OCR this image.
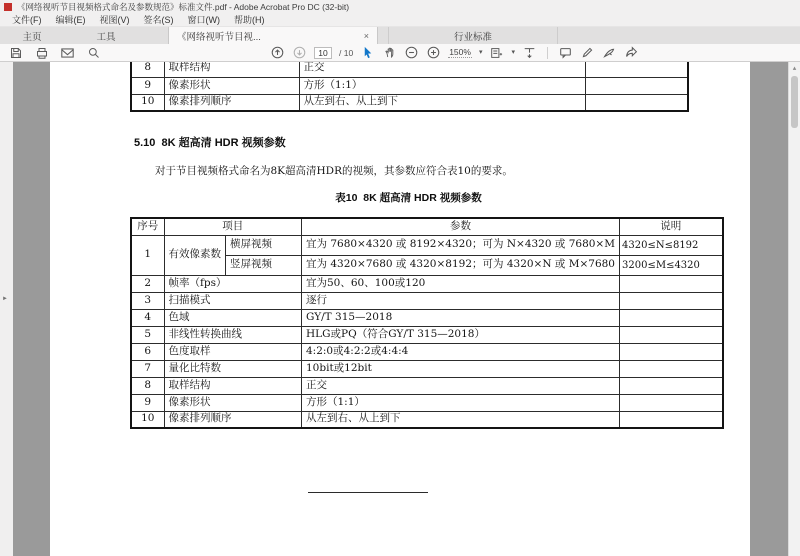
《网络视听节目视频格式命名及参数规范》标准文件.pdf - Adobe Acrobat Pro DC (32-bit)
文件(F)	编辑(E)	视图(V)	签名(S)	窗口(W)	帮助(H)
主页	工具	《网络视听节目视...	×	行业标准
10
/ 10	150% ▾	▾
►
8	取样结构	正交	
9	像素形状	方形（1:1）	
10	像素排列顺序	从左到右、从上到下	
5.10  8K 超高清 HDR 视频参数
对于节目视频格式命名为8K超高清HDR的视频，其参数应符合表10的要求。
表10  8K 超高清 HDR 视频参数
序号	项目		参数	说明
1	有效像素数	横屏视频	宜为 7680×4320 或 8192×4320；可为 N×4320 或 7680×M	4320≤N≤8192
		竖屏视频	宜为 4320×7680 或 4320×8192；可为 4320×N 或 M×7680	3200≤M≤4320
2	帧率（fps）		宜为50、60、100或120	
3	扫描模式		逐行	
4	色域		GY/T 315—2018	
5	非线性转换曲线		HLG或PQ（符合GY/T 315—2018）	
6	色度取样		4:2:0或4:2:2或4:4:4	
7	量化比特数		10bit或12bit	
8	取样结构		正交	
9	像素形状		方形（1:1）	
10	像素排列顺序		从左到右、从上到下	
▴
